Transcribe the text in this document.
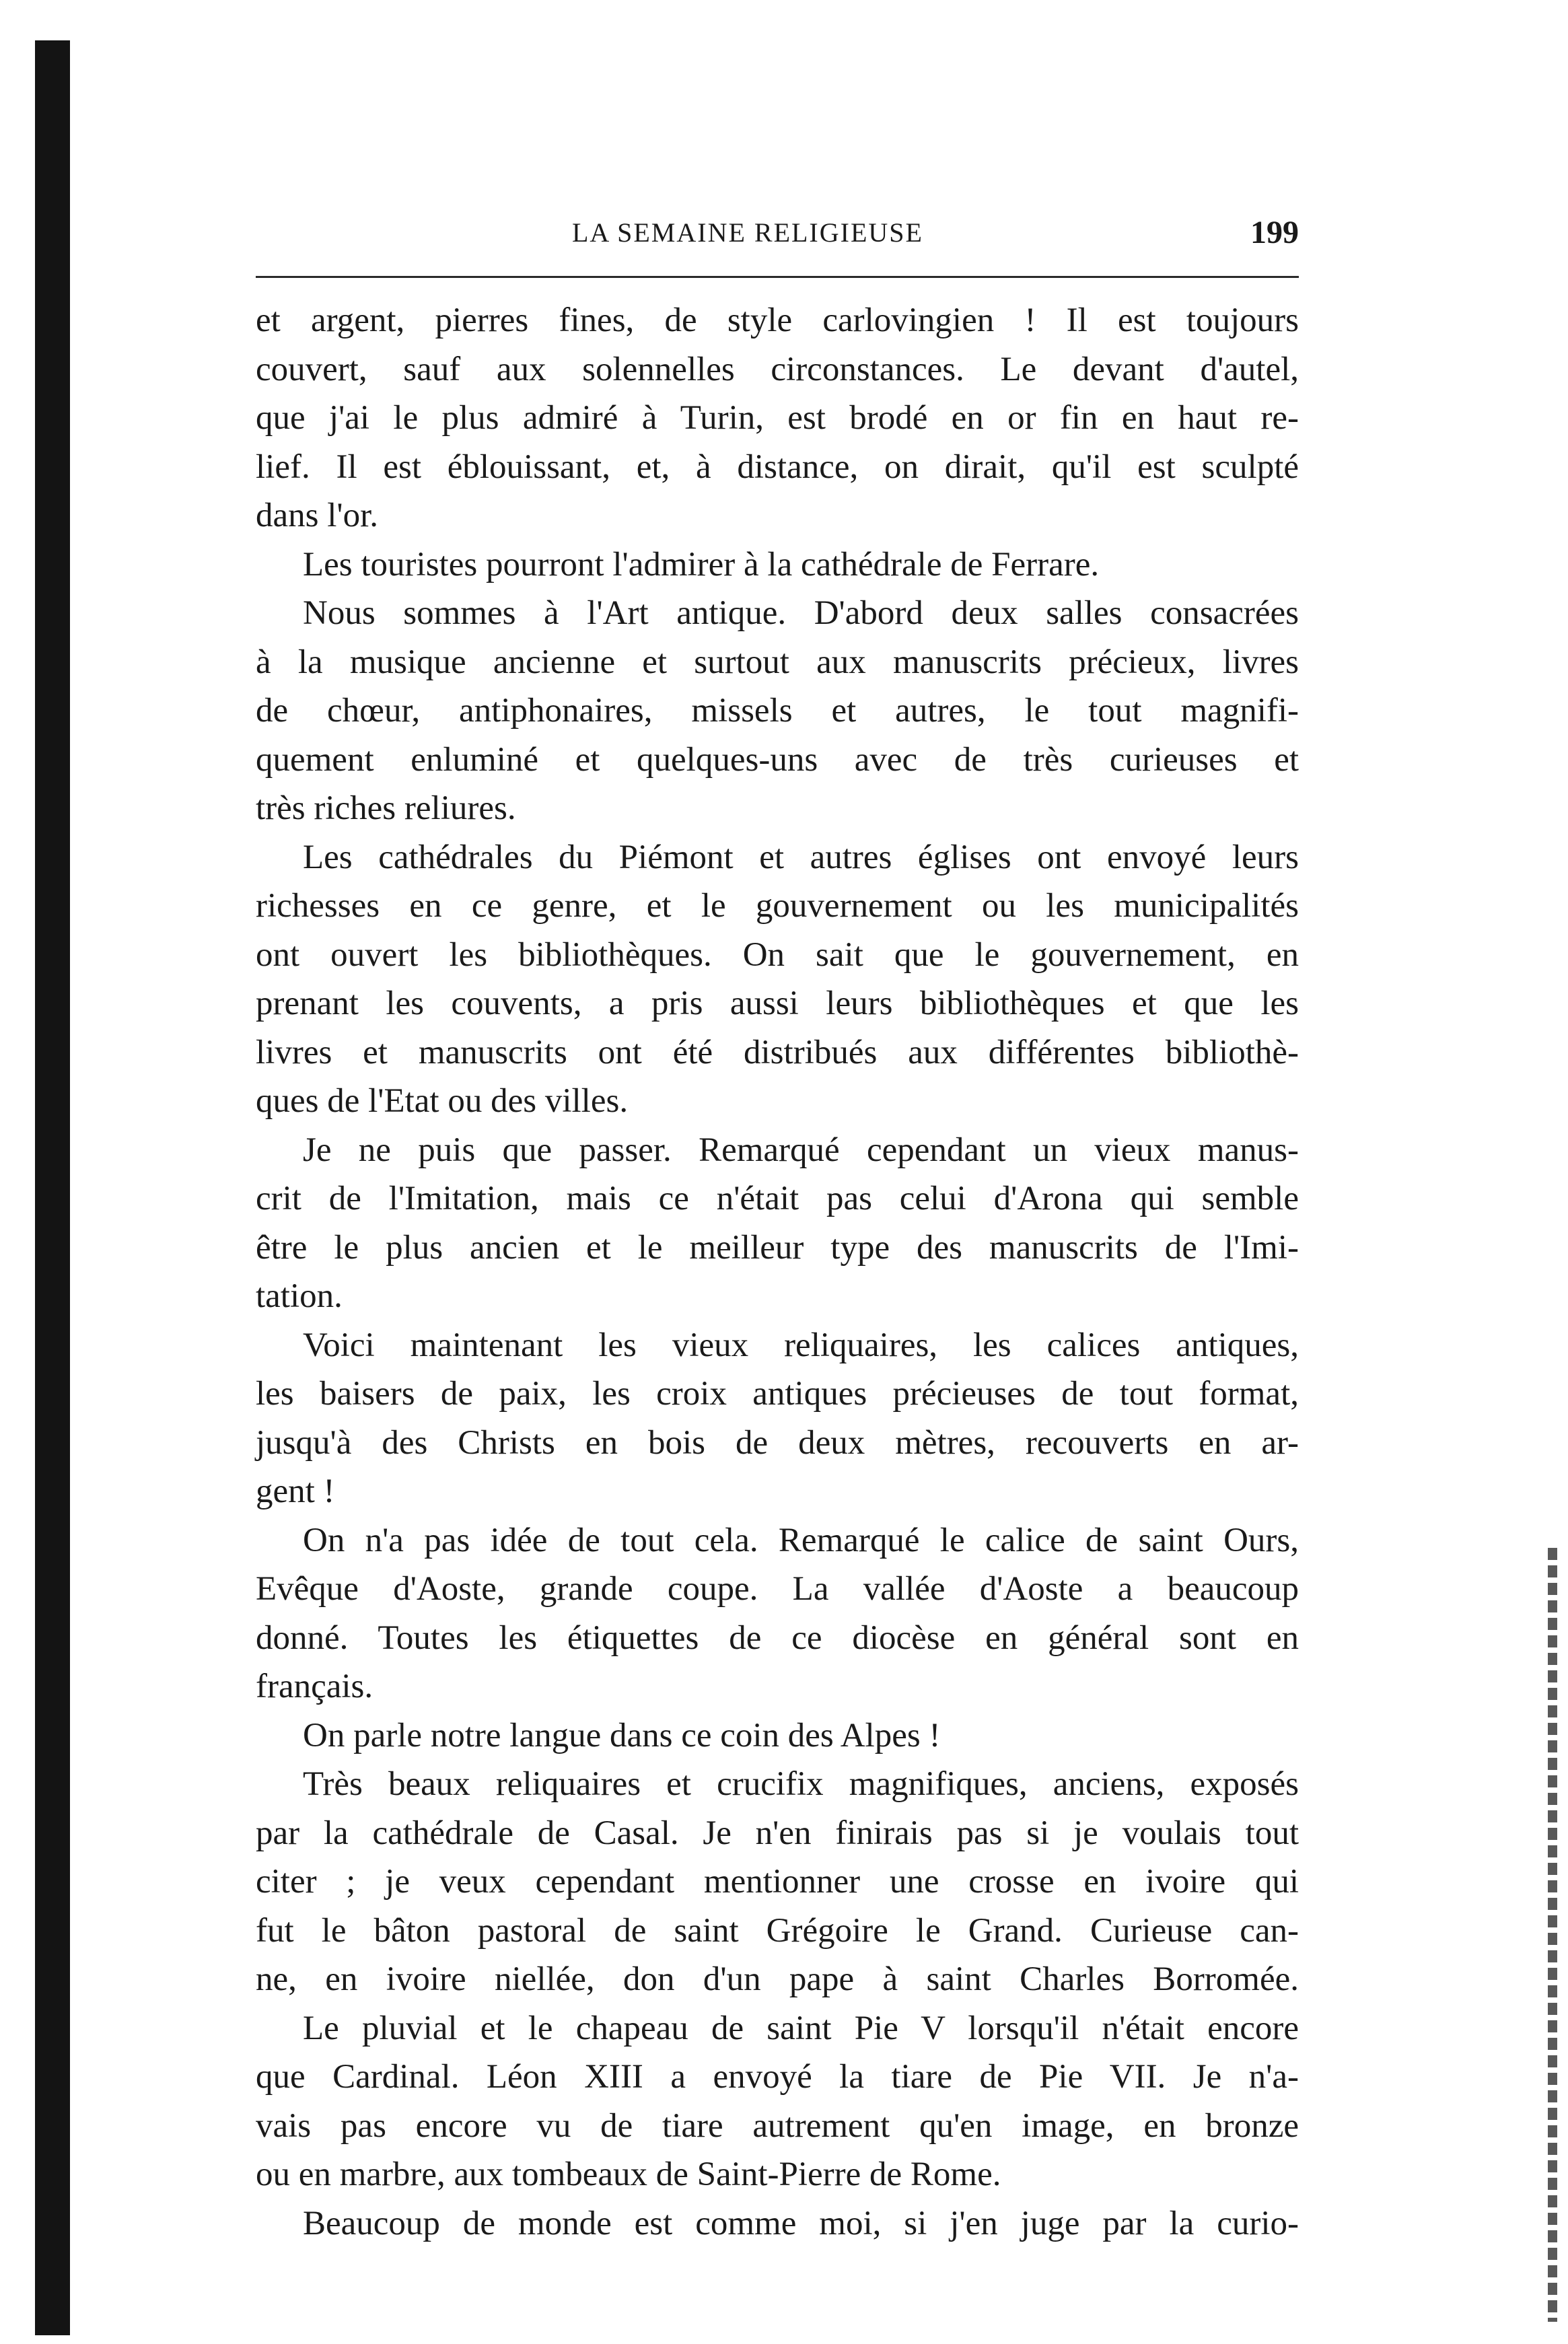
LA SEMAINE RELIGIEUSE	199

et argent, pierres fines, de style carlovingien ! Il est toujours

couvert, sauf aux solennelles circonstances. Le devant d'autel,

que j'ai le plus admiré à Turin, est brodé en or fin en haut re-

lief. Il est éblouissant, et, à distance, on dirait, qu'il est sculpté

dans l'or.

Les touristes pourront l'admirer à la cathédrale de Ferrare.

Nous sommes à l'Art antique. D'abord deux salles consacrées

à la musique ancienne et surtout aux manuscrits précieux, livres

de chœur, antiphonaires, missels et autres, le tout magnifi-

quement enluminé et quelques-uns avec de très curieuses et

très riches reliures.

Les cathédrales du Piémont et autres églises ont envoyé leurs

richesses en ce genre, et le gouvernement ou les municipalités

ont ouvert les bibliothèques. On sait que le gouvernement, en

prenant les couvents, a pris aussi leurs bibliothèques et que les

livres et manuscrits ont été distribués aux différentes bibliothè-

ques de l'Etat ou des villes.

Je ne puis que passer. Remarqué cependant un vieux manus-

crit de l'Imitation, mais ce n'était pas celui d'Arona qui semble

être le plus ancien et le meilleur type des manuscrits de l'Imi-

tation.

Voici maintenant les vieux reliquaires, les calices antiques,

les baisers de paix, les croix antiques précieuses de tout format,

jusqu'à des Christs en bois de deux mètres, recouverts en ar-

gent !

On n'a pas idée de tout cela. Remarqué le calice de saint Ours,

Evêque d'Aoste, grande coupe. La vallée d'Aoste a beaucoup

donné. Toutes les étiquettes de ce diocèse en général sont en

français.

On parle notre langue dans ce coin des Alpes !

Très beaux reliquaires et crucifix magnifiques, anciens, exposés

par la cathédrale de Casal. Je n'en finirais pas si je voulais tout

citer ; je veux cependant mentionner une crosse en ivoire qui

fut le bâton pastoral de saint Grégoire le Grand. Curieuse can-

ne, en ivoire niellée, don d'un pape à saint Charles Borromée.

Le pluvial et le chapeau de saint Pie V lorsqu'il n'était encore

que Cardinal. Léon XIII a envoyé la tiare de Pie VII. Je n'a-

vais pas encore vu de tiare autrement qu'en image, en bronze

ou en marbre, aux tombeaux de Saint-Pierre de Rome.

Beaucoup de monde est comme moi, si j'en juge par la curio-
